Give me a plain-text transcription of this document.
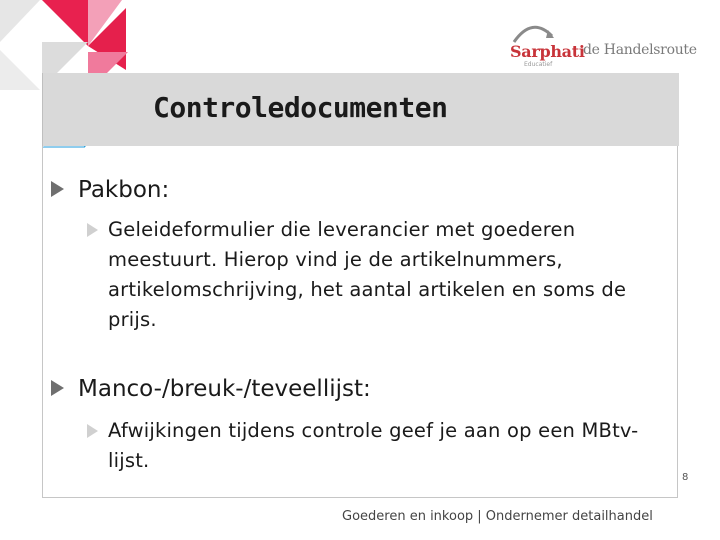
Sarphati
de Handelsroute
Educatief
Controledocumenten
Pakbon:
Geleideformulier die leverancier met goederen meestuurt. Hierop vind je de artikelnummers, artikelomschrijving, het aantal artikelen en soms de prijs.
Manco-/breuk-/teveellijst:
Afwijkingen tijdens controle geef je aan op een MBtv-lijst.
8
Goederen en inkoop | Ondernemer detailhandel
